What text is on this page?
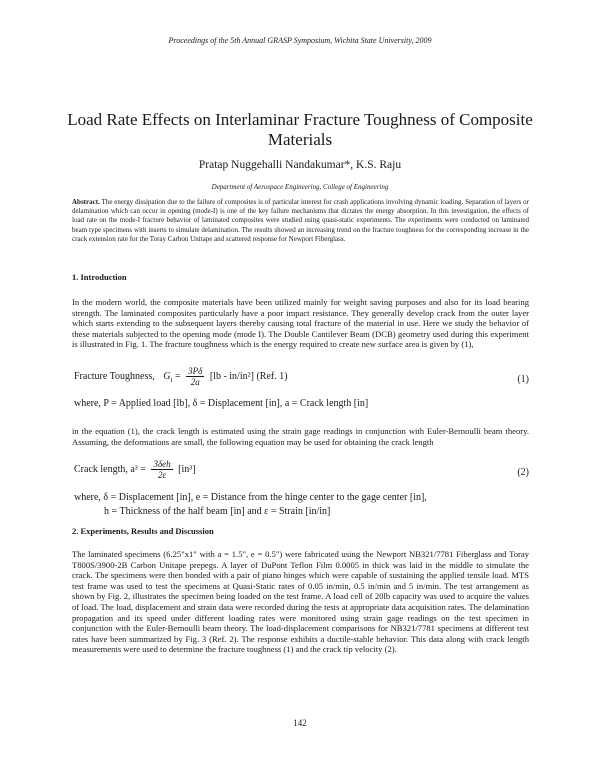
Proceedings of the 5th Annual GRASP Symposium, Wichita State University, 2009
Load Rate Effects on Interlaminar Fracture Toughness of Composite Materials
Pratap Nuggehalli Nandakumar*, K.S. Raju
Department of Aerospace Engineering, College of Engineering
Abstract. The energy dissipation due to the failure of composites is of particular interest for crash applications involving dynamic loading. Separation of layers or delamination which can occur in opening (mode-I) is one of the key failure mechanisms that dictates the energy absorption. In this investigation, the effects of load rate on the mode-I fracture behavior of laminated composites were studied using quasi-static experiments. The experiments were conducted on laminated beam type specimens with inserts to simulate delamination. The results showed an increasing trend on the fracture toughness for the corresponding increase in the crack extension rate for the Toray Carbon Unitape and scattered response for Newport Fiberglass.
1. Introduction
In the modern world, the composite materials have been utilized mainly for weight saving purposes and also for its load bearing strength. The laminated composites particularly have a poor impact resistance. They generally develop crack from the outer layer which starts extending to the subsequent layers thereby causing total fracture of the material in use. Here we study the behavior of these materials subjected to the opening mode (mode I). The Double Cantilever Beam (DCB) geometry used during this experiment is illustrated in Fig. 1. The fracture toughness which is the energy required to create new surface area is given by (1),
Fracture Toughness, $G_I = \frac{3P\delta}{2a} [lb - in/in^2]$ (Ref. 1)	(1)
where, P = Applied load [lb], δ = Displacement [in], a = Crack length [in]
in the equation (1), the crack length is estimated using the strain gage readings in conjunction with Euler-Bernoulli beam theory. Assuming, the deformations are small, the following equation may be used for obtaining the crack length
Crack length, $a^3 = \frac{\text{3δeh}}{2\varepsilon} [in^3]$	(2)
where, δ = Displacement [in], e = Distance from the hinge center to the gage center [in],
h = Thickness of the half beam [in] and ε = Strain [in/in]
2. Experiments, Results and Discussion
The laminated specimens (6.25"x1" with a = 1.5", e = 0.5") were fabricated using the Newport NB321/7781 Fiberglass and Toray T800S/3900-2B Carbon Unitape prepegs. A layer of DuPont Teflon Film 0.0005 in thick was laid in the middle to simulate the crack. The specimens were then bonded with a pair of piano hinges which were capable of sustaining the applied tensile load. MTS test frame was used to test the specimens at Quasi-Static rates of 0.05 in/min, 0.5 in/min and 5 in/min. The test arrangement as shown by Fig. 2, illustrates the specimen being loaded on the test frame. A load cell of 20lb capacity was used to acquire the values of load. The load, displacement and strain data were recorded during the tests at appropriate data acquisition rates. The delamination propagation and its speed under different loading rates were monitored using strain gage readings on the test specimen in conjunction with the Euler-Bernoulli beam theory. The load-displacement comparisons for NB321/7781 specimens at different test rates have been summarized by Fig. 3 (Ref. 2). The response exhibits a ductile-stable behavior. This data along with crack length measurements were used to determine the fracture toughness (1) and the crack tip velocity (2).
142
